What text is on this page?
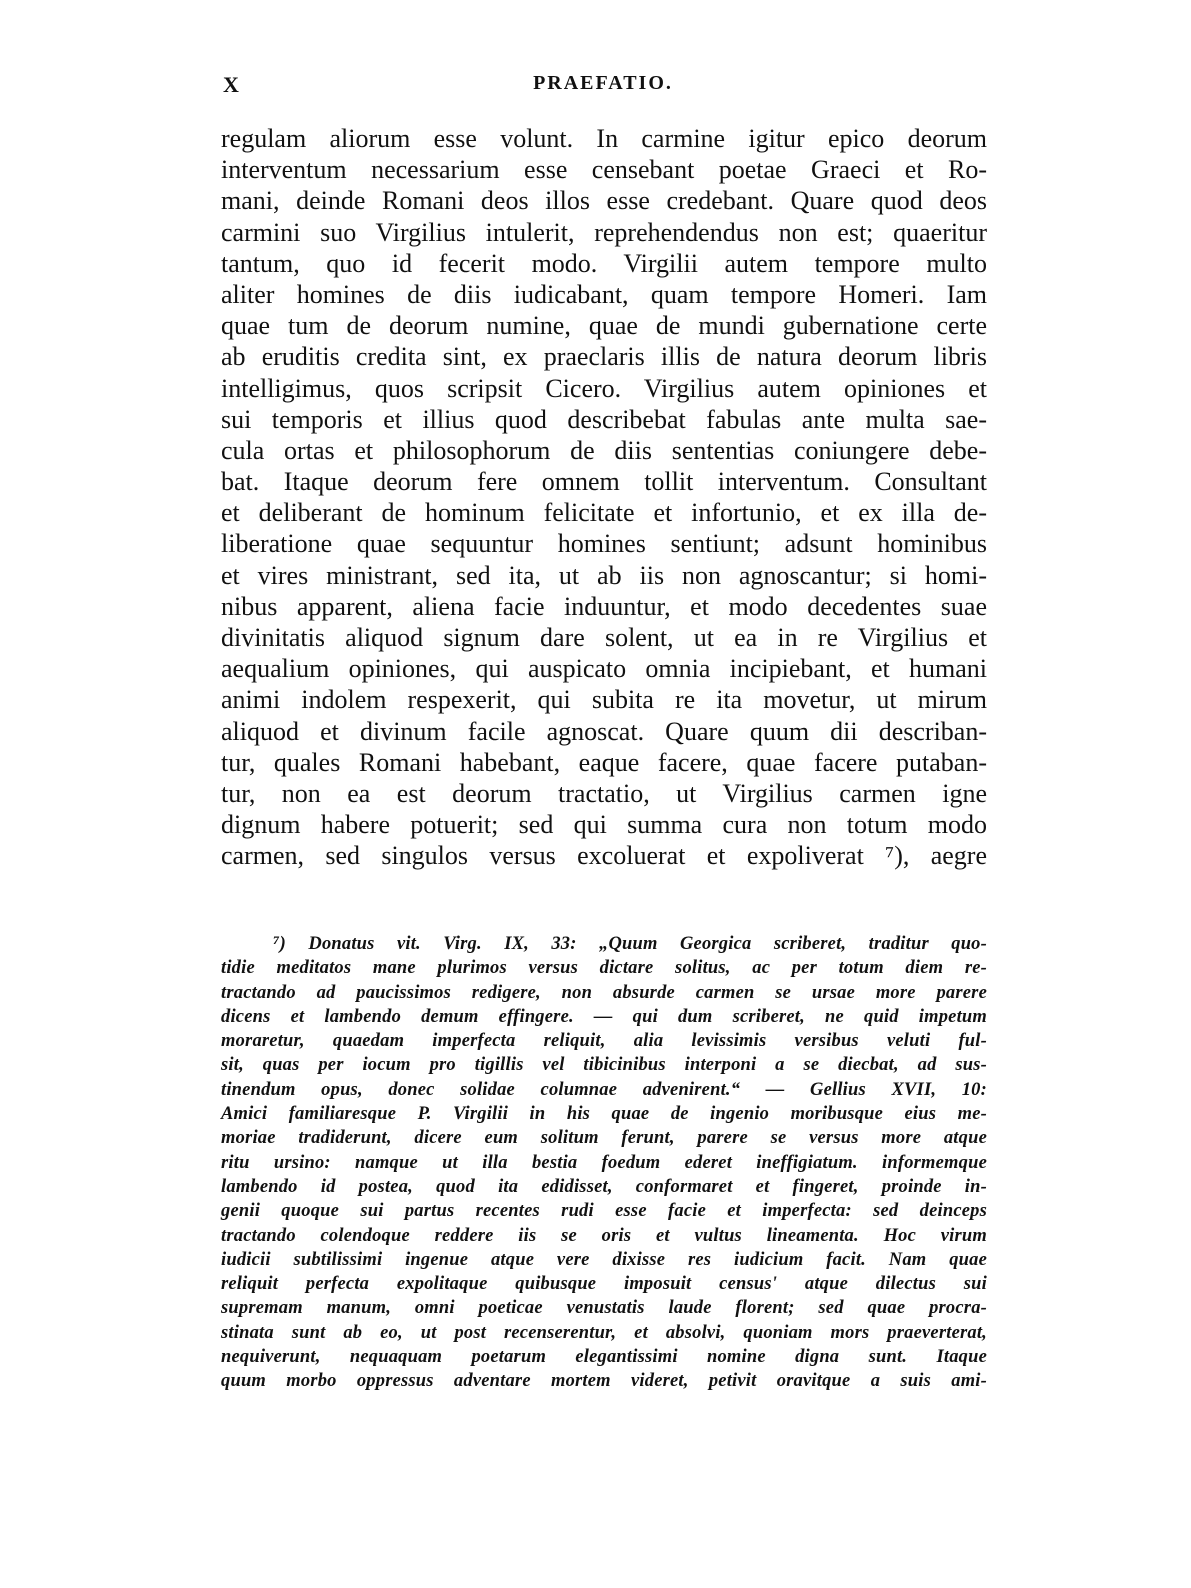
X	PRAEFATIO.
regulam aliorum esse volunt. In carmine igitur epico deorum
interventum necessarium esse censebant poetae Graeci et Ro-
mani, deinde Romani deos illos esse credebant. Quare quod deos
carmini suo Virgilius intulerit, reprehendendus non est; quaeritur
tantum, quo id fecerit modo. Virgilii autem tempore multo
aliter homines de diis iudicabant, quam tempore Homeri. Iam
quae tum de deorum numine, quae de mundi gubernatione certe
ab eruditis credita sint, ex praeclaris illis de natura deorum libris
intelligimus, quos scripsit Cicero. Virgilius autem opiniones et
sui temporis et illius quod describebat fabulas ante multa sae-
cula ortas et philosophorum de diis sententias coniungere debe-
bat. Itaque deorum fere omnem tollit interventum. Consultant
et deliberant de hominum felicitate et infortunio, et ex illa de-
liberatione quae sequuntur homines sentiunt; adsunt hominibus
et vires ministrant, sed ita, ut ab iis non agnoscantur; si homi-
nibus apparent, aliena facie induuntur, et modo decedentes suae
divinitatis aliquod signum dare solent, ut ea in re Virgilius et
aequalium opiniones, qui auspicato omnia incipiebant, et humani
animi indolem respexerit, qui subita re ita movetur, ut mirum
aliquod et divinum facile agnoscat. Quare quum dii describan-
tur, quales Romani habebant, eaque facere, quae facere putaban-
tur, non ea est deorum tractatio, ut Virgilius carmen igne
dignum habere potuerit; sed qui summa cura non totum modo
carmen, sed singulos versus excoluerat et expoliverat ⁷), aegre
⁷) Donatus vit. Virg. IX, 33: „Quum Georgica scriberet, traditur quo-
tidie meditatos mane plurimos versus dictare solitus, ac per totum diem re-
tractando ad paucissimos redigere, non absurde carmen se ursae more parere
dicens et lambendo demum effingere. — qui dum scriberet, ne quid impetum
moraretur, quaedam imperfecta reliquit, alia levissimis versibus veluti ful-
sit, quas per iocum pro tigillis vel tibicinibus interponi a se diecbat, ad sus-
tinendum opus, donec solidae columnae advenirent.“ — Gellius XVII, 10:
Amici familiaresque P. Virgilii in his quae de ingenio moribusque eius me-
moriae tradiderunt, dicere eum solitum ferunt, parere se versus more atque
ritu ursino: namque ut illa bestia foedum ederet ineffigiatum. informemque
lambendo id postea, quod ita edidisset, conformaret et fingeret, proinde in-
genii quoque sui partus recentes rudi esse facie et imperfecta: sed deinceps
tractando colendoque reddere iis se oris et vultus lineamenta. Hoc virum
iudicii subtilissimi ingenue atque vere dixisse res iudicium facit. Nam quae
reliquit perfecta expolitaque quibusque imposuit census' atque dilectus sui
supremam manum, omni poeticae venustatis laude florent; sed quae procra-
stinata sunt ab eo, ut post recenserentur, et absolvi, quoniam mors praeverterat,
nequiverunt, nequaquam poetarum elegantissimi nomine digna sunt. Itaque
quum morbo oppressus adventare mortem videret, petivit oravitque a suis ami-
